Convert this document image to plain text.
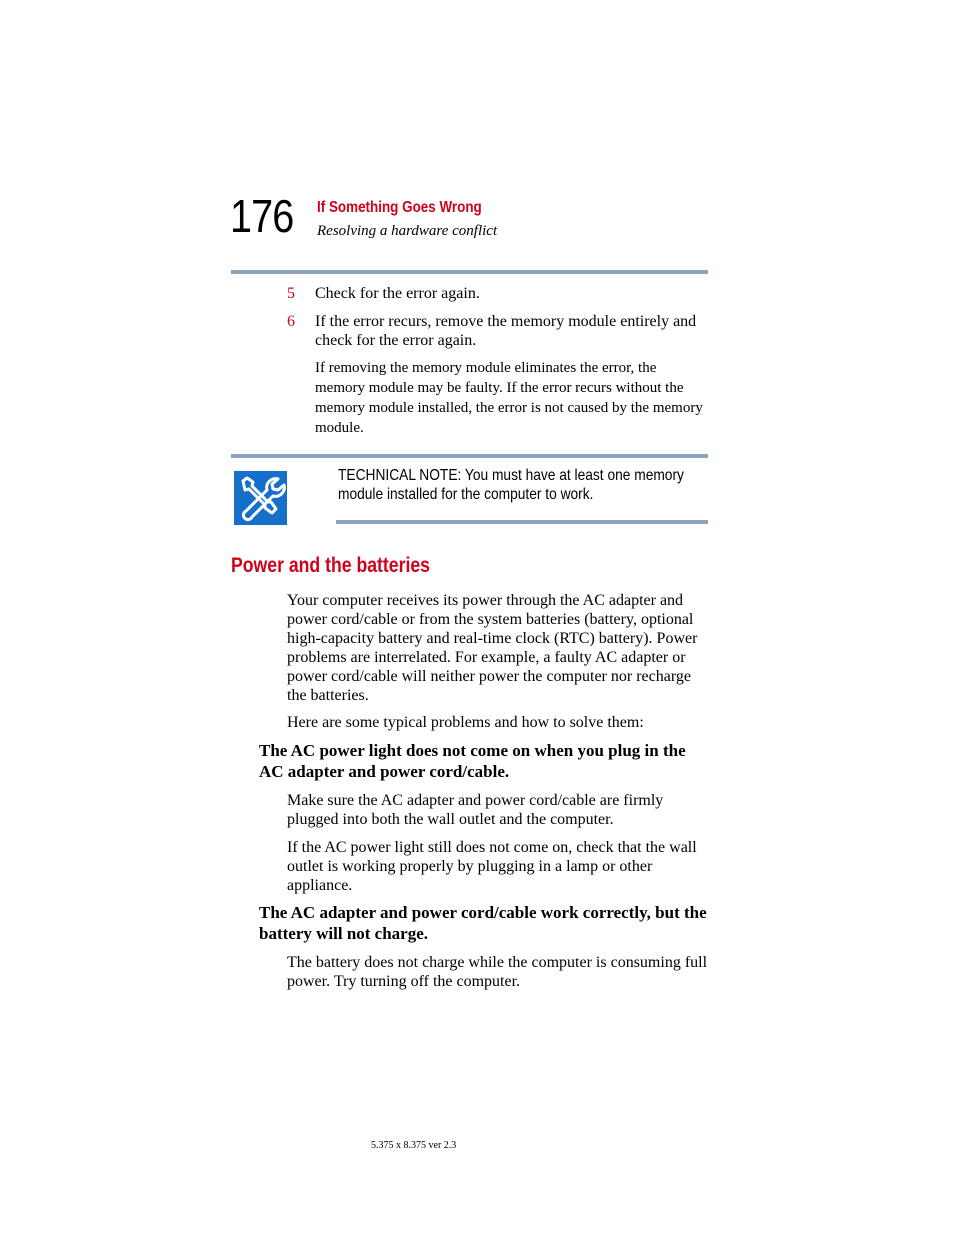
176 If Something Goes Wrong
Resolving a hardware conflict
5 Check for the error again.
6 If the error recurs, remove the memory module entirely and check for the error again.
If removing the memory module eliminates the error, the memory module may be faulty. If the error recurs without the memory module installed, the error is not caused by the memory module.
TECHNICAL NOTE: You must have at least one memory module installed for the computer to work.
Power and the batteries
Your computer receives its power through the AC adapter and power cord/cable or from the system batteries (battery, optional high-capacity battery and real-time clock (RTC) battery). Power problems are interrelated. For example, a faulty AC adapter or power cord/cable will neither power the computer nor recharge the batteries.
Here are some typical problems and how to solve them:
The AC power light does not come on when you plug in the AC adapter and power cord/cable.
Make sure the AC adapter and power cord/cable are firmly plugged into both the wall outlet and the computer.
If the AC power light still does not come on, check that the wall outlet is working properly by plugging in a lamp or other appliance.
The AC adapter and power cord/cable work correctly, but the battery will not charge.
The battery does not charge while the computer is consuming full power. Try turning off the computer.
5.375 x 8.375 ver 2.3
